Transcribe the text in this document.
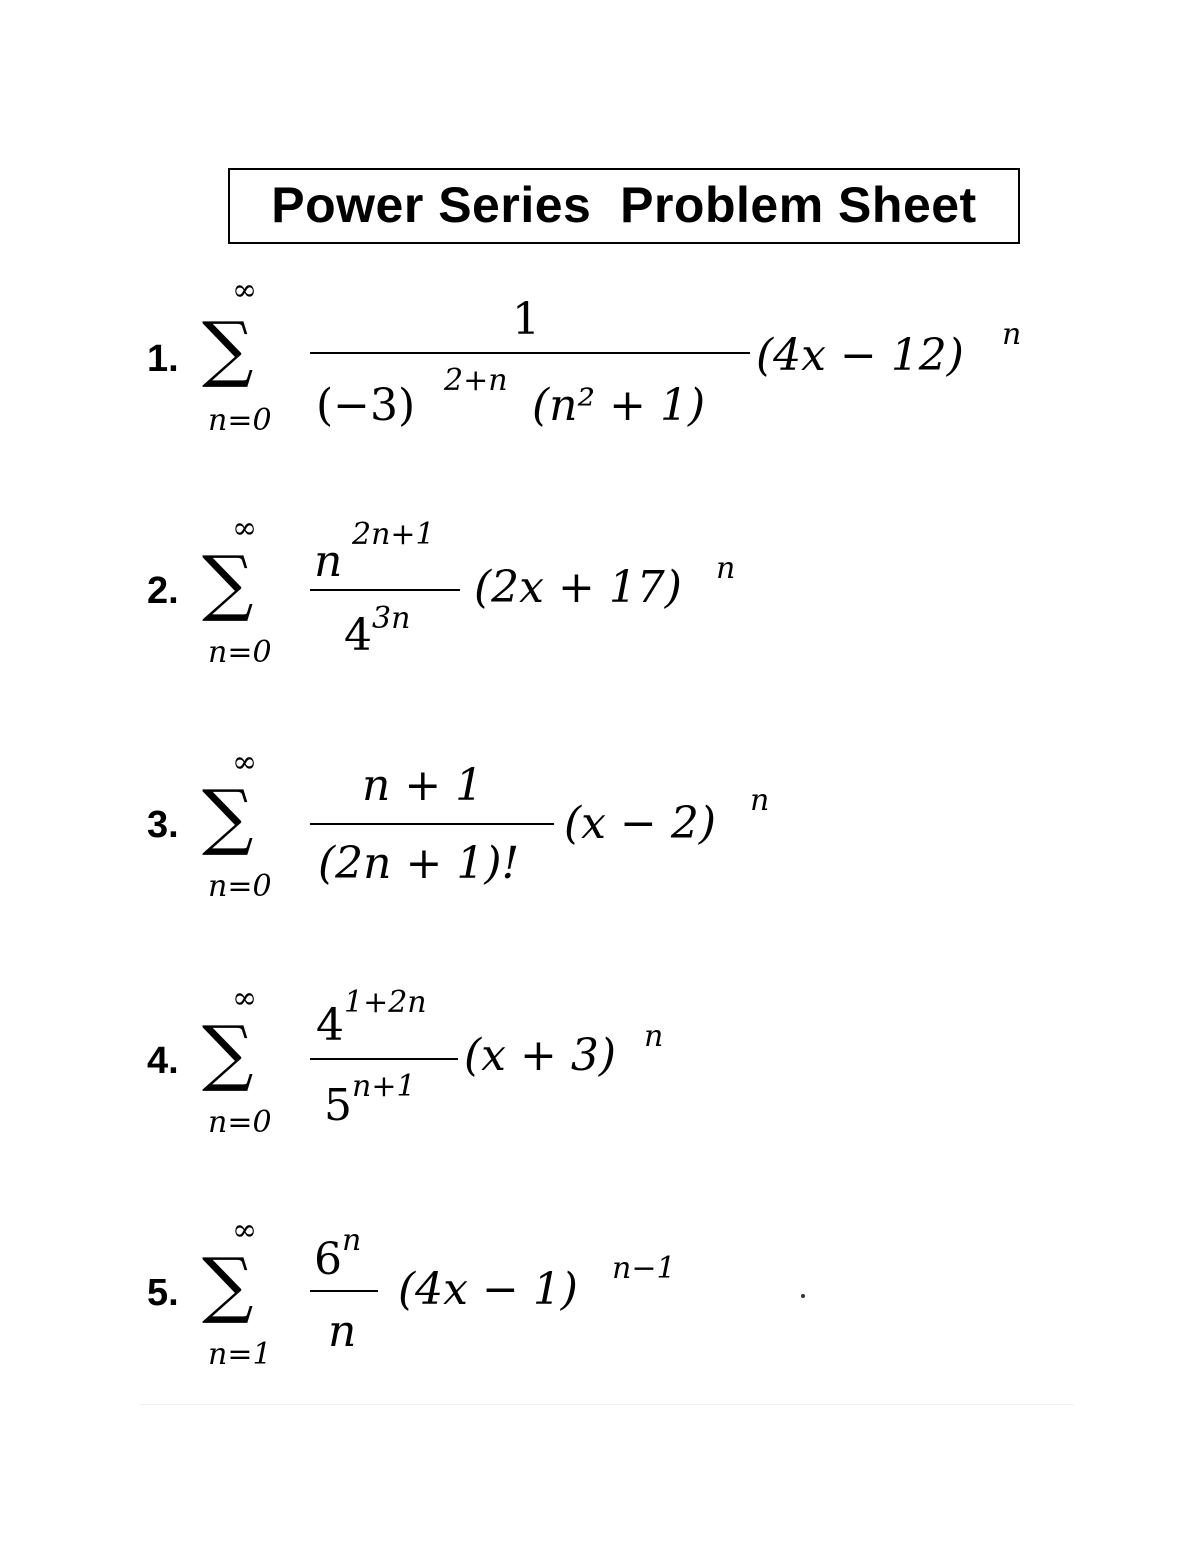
Power Series  Problem Sheet
1.
∞
∑
n=0
1
(−3) 2+n (n² + 1)
(4x − 12) n
2.
∞
∑
n=0
n
2n+1
4 3n
(2x + 17) n
3.
∞
∑
n=0
n + 1
(2n + 1)!
(x − 2) n
4.
∞
∑
n=0
4 1+2n
5 n+1
(x + 3) n
5.
∞
∑
n=1
6 n
n
(4x − 1) n−1
